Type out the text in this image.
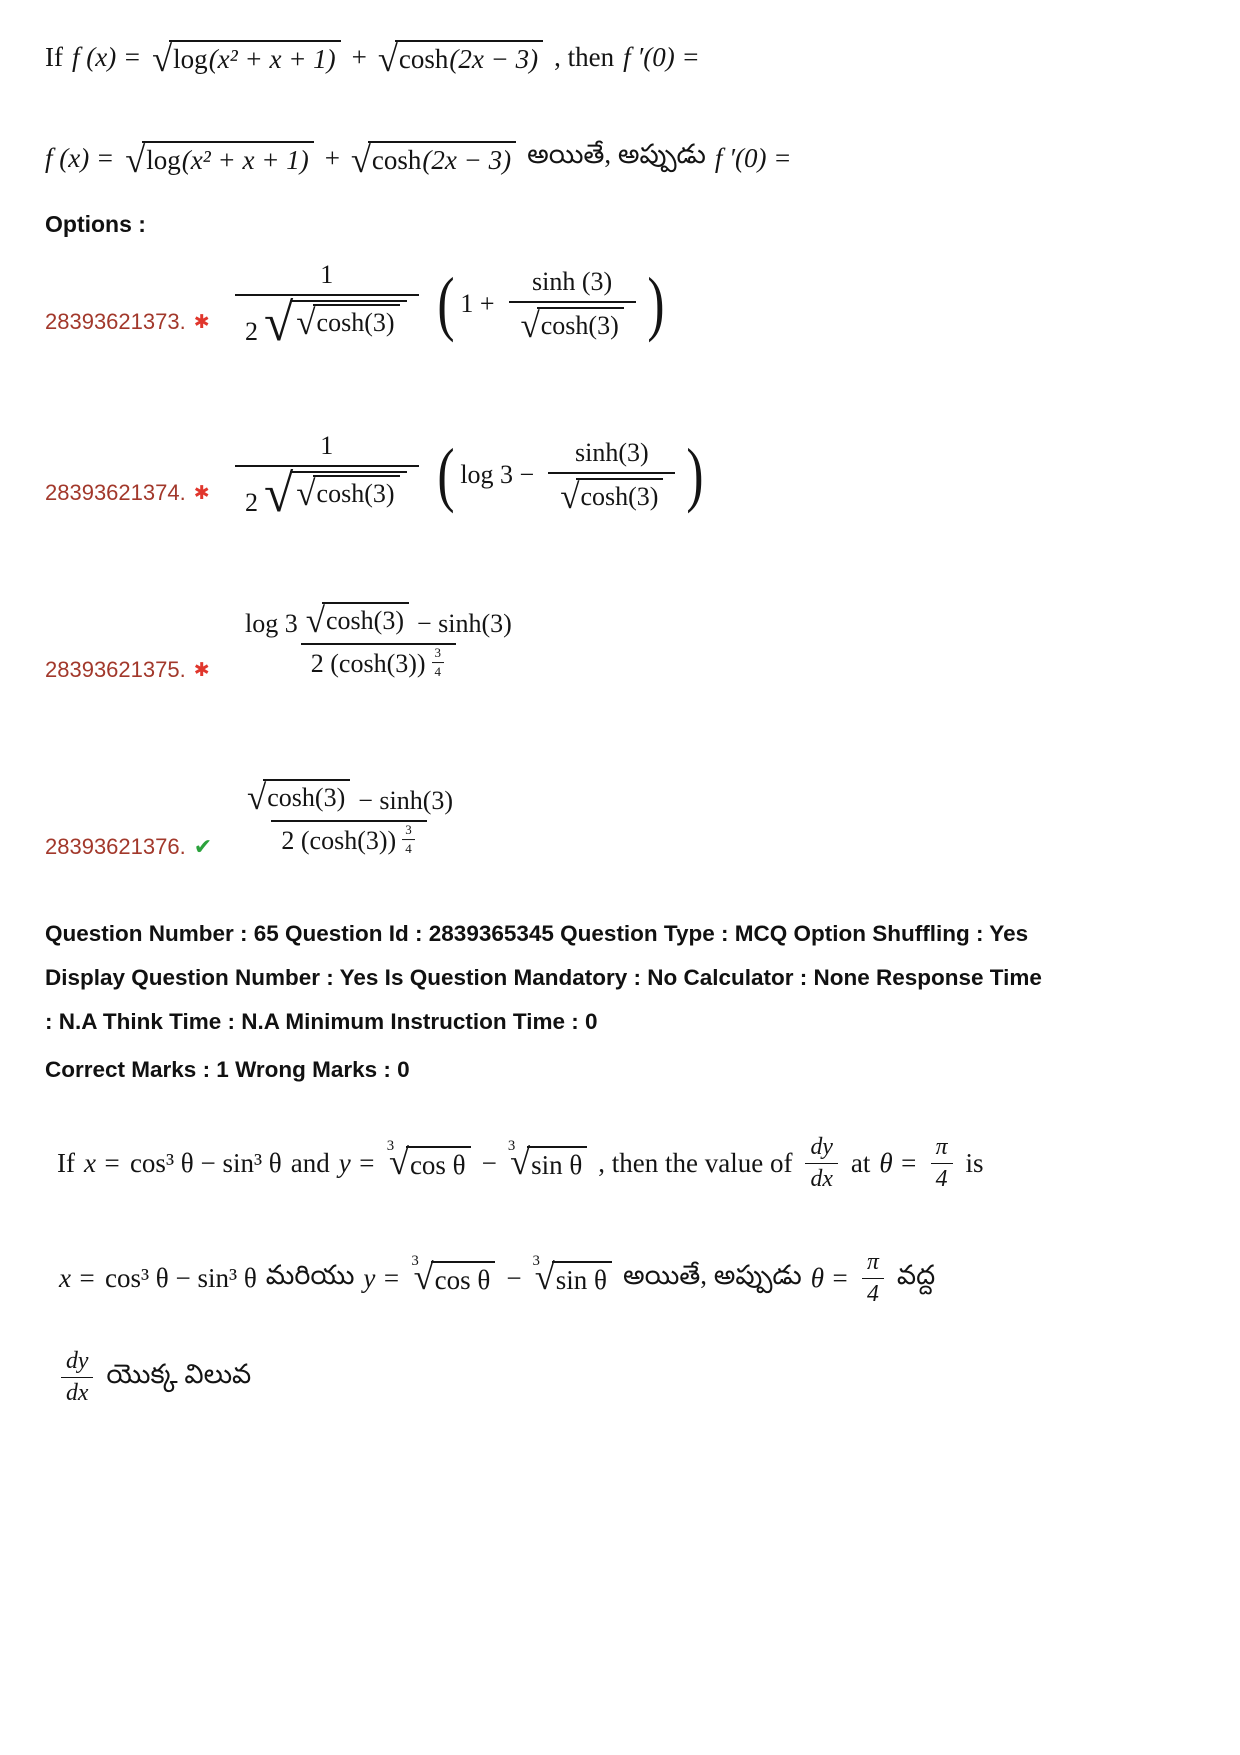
If f (x) = √ log (x² + x + 1) + √ cosh (2x − 3) , then f ′(0) =
f (x) = √ log (x² + x + 1) + √ cosh (2x − 3) అయితే, అప్పుడు f ′(0) =
Options :
28393621373. ✱
1
2 √ √ cosh(3)
(
1 + sinh (3)
√ cosh(3)
)
28393621374. ✱
1
2 √ √ cosh(3)
(
log 3 − sinh(3)
√ cosh(3)
)
28393621375. ✱
log 3 √ cosh(3) − sinh(3)
2 $(\cosh(3)) \frac{3}{4}$
28393621376. ✔ √ $\frac{\cosh(3) - \sinh(3)}{2 (\cosh(3)) \frac{3}{4}}$
Question Number : 65 Question Id : 2839365345 Question Type : MCQ Option Shuffling : Yes
Display Question Number : Yes Is Question Mandatory : No Calculator : None Response Time
: N.A Think Time : N.A Minimum Instruction Time : 0
Correct Marks : 1 Wrong Marks : 0
If x = cos³ θ − sin³ θ and y =
3
√
cos θ −
3
√
sin θ , then the value of $\frac{dy}{dx}$ at $\theta = \frac{\pi}{4}$ is
x = cos³ θ − sin³ θ మరియు y =
3
√
cos θ −
3
√
sin θ అయితే, అప్పుడు $\theta = \frac{\pi}{4}$ వద్ద
$\frac{dy}{dx}$ యొక్క విలువ
